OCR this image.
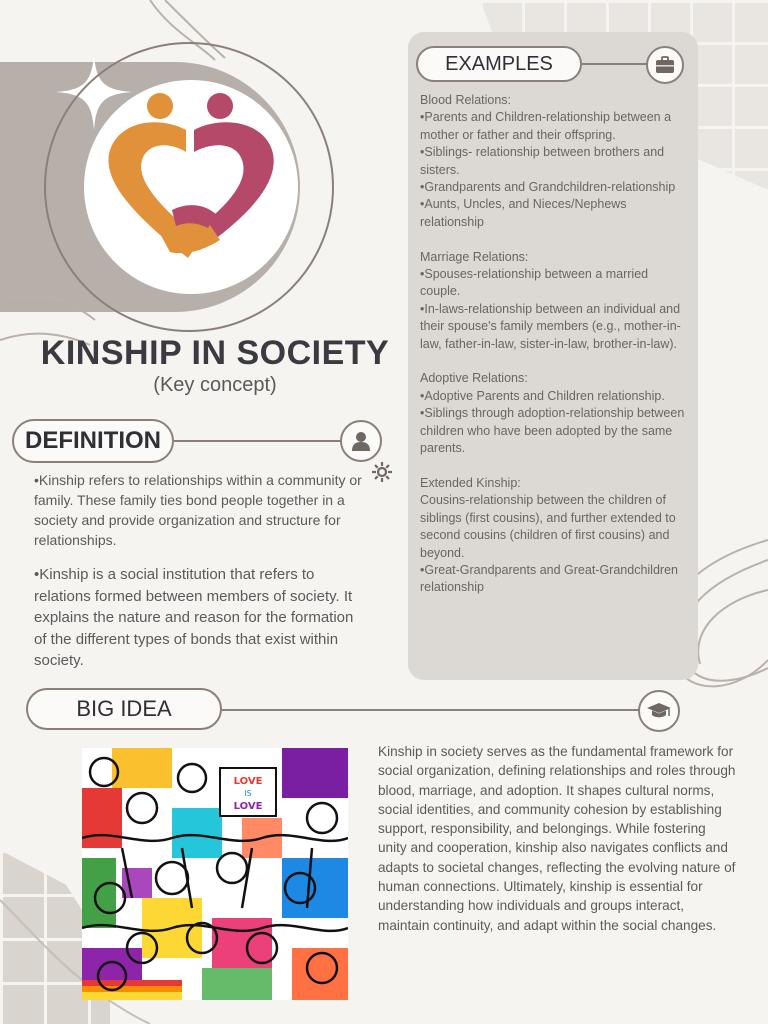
KINSHIP IN SOCIETY
(Key concept)
DEFINITION
•Kinship refers to relationships within a community or family. These family ties bond people together in a society and provide organization and structure for relationships.
•Kinship is a social institution that refers to relations formed between members of society. It explains the nature and reason for the formation of the different types of bonds that exist within society.
EXAMPLES

Blood Relations:
•Parents and Children-relationship between a mother or father and their offspring.
•Siblings- relationship between brothers and sisters.
•Grandparents and Grandchildren-relationship
•Aunts, Uncles, and Nieces/Nephews relationship

Marriage Relations:
•Spouses-relationship between a married couple.
•In-laws-relationship between an individual and their spouse's family members (e.g., mother-in-law, father-in-law, sister-in-law, brother-in-law).

Adoptive Relations:
•Adoptive Parents and Children relationship.
•Siblings through adoption-relationship between children who have been adopted by the same parents.

Extended Kinship:
Cousins-relationship between the children of siblings (first cousins), and further extended to second cousins (children of first cousins) and beyond.
•Great-Grandparents and Great-Grandchildren relationship

BIG IDEA
LOVE
IS
LOVE
Kinship in society serves as the fundamental framework for social organization, defining relationships and roles through blood, marriage, and adoption. It shapes cultural norms, social identities, and community cohesion by establishing support, responsibility, and belongings. While fostering unity and cooperation, kinship also navigates conflicts and adapts to societal changes, reflecting the evolving nature of human connections. Ultimately, kinship is essential for understanding how individuals and groups interact, maintain continuity, and adapt within the social changes.
